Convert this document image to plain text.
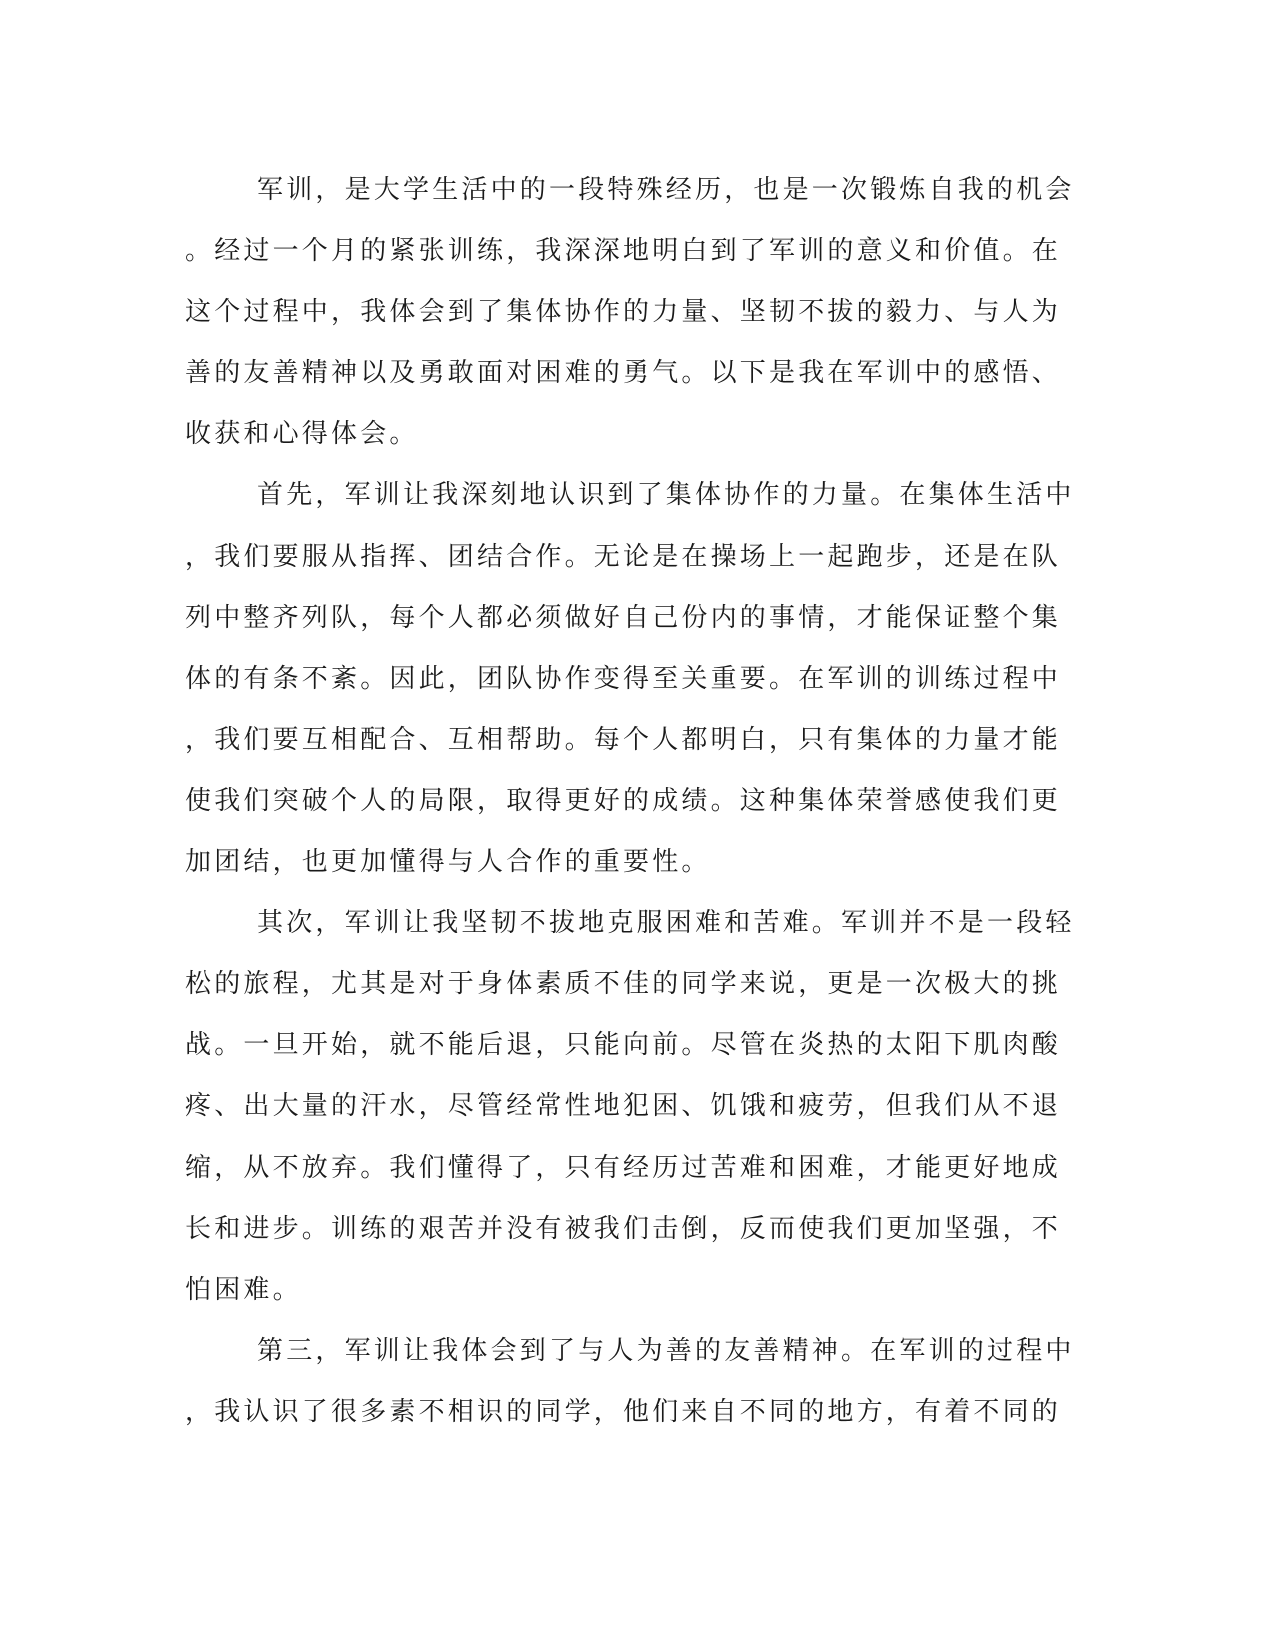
军训，是大学生活中的一段特殊经历，也是一次锻炼自我的机会
。经过一个月的紧张训练，我深深地明白到了军训的意义和价值。在
这个过程中，我体会到了集体协作的力量、坚韧不拔的毅力、与人为
善的友善精神以及勇敢面对困难的勇气。以下是我在军训中的感悟、
收获和心得体会。
首先，军训让我深刻地认识到了集体协作的力量。在集体生活中
，我们要服从指挥、团结合作。无论是在操场上一起跑步，还是在队
列中整齐列队，每个人都必须做好自己份内的事情，才能保证整个集
体的有条不紊。因此，团队协作变得至关重要。在军训的训练过程中
，我们要互相配合、互相帮助。每个人都明白，只有集体的力量才能
使我们突破个人的局限，取得更好的成绩。这种集体荣誉感使我们更
加团结，也更加懂得与人合作的重要性。
其次，军训让我坚韧不拔地克服困难和苦难。军训并不是一段轻
松的旅程，尤其是对于身体素质不佳的同学来说，更是一次极大的挑
战。一旦开始，就不能后退，只能向前。尽管在炎热的太阳下肌肉酸
疼、出大量的汗水，尽管经常性地犯困、饥饿和疲劳，但我们从不退
缩，从不放弃。我们懂得了，只有经历过苦难和困难，才能更好地成
长和进步。训练的艰苦并没有被我们击倒，反而使我们更加坚强，不
怕困难。
第三，军训让我体会到了与人为善的友善精神。在军训的过程中
，我认识了很多素不相识的同学，他们来自不同的地方，有着不同的
